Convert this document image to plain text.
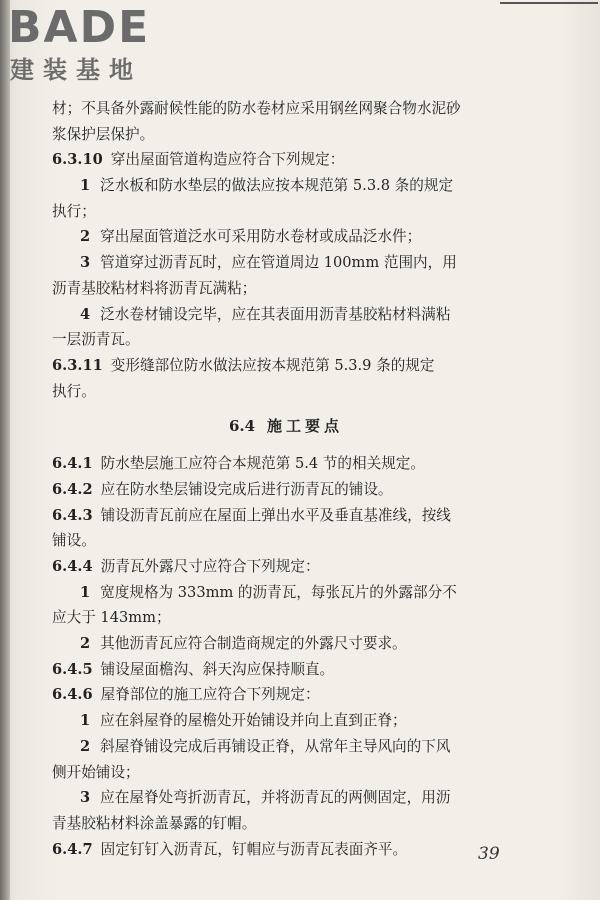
BADE
建装基地
材；不具备外露耐候性能的防水卷材应采用钢丝网聚合物水泥砂
浆保护层保护。
6.3.10 穿出屋面管道构造应符合下列规定：
1 泛水板和防水垫层的做法应按本规范第 5.3.8 条的规定
执行；
2 穿出屋面管道泛水可采用防水卷材或成品泛水件；
3 管道穿过沥青瓦时，应在管道周边 100mm 范围内，用
沥青基胶粘材料将沥青瓦满粘；
4 泛水卷材铺设完毕，应在其表面用沥青基胶粘材料满粘
一层沥青瓦。
6.3.11 变形缝部位防水做法应按本规范第 5.3.9 条的规定
执行。
6.4 施工要点
6.4.1 防水垫层施工应符合本规范第 5.4 节的相关规定。
6.4.2 应在防水垫层铺设完成后进行沥青瓦的铺设。
6.4.3 铺设沥青瓦前应在屋面上弹出水平及垂直基准线，按线
铺设。
6.4.4 沥青瓦外露尺寸应符合下列规定：
1 宽度规格为 333mm 的沥青瓦，每张瓦片的外露部分不
应大于 143mm；
2 其他沥青瓦应符合制造商规定的外露尺寸要求。
6.4.5 铺设屋面檐沟、斜天沟应保持顺直。
6.4.6 屋脊部位的施工应符合下列规定：
1 应在斜屋脊的屋檐处开始铺设并向上直到正脊；
2 斜屋脊铺设完成后再铺设正脊，从常年主导风向的下风
侧开始铺设；
3 应在屋脊处弯折沥青瓦，并将沥青瓦的两侧固定，用沥
青基胶粘材料涂盖暴露的钉帽。
6.4.7 固定钉钉入沥青瓦，钉帽应与沥青瓦表面齐平。	39
